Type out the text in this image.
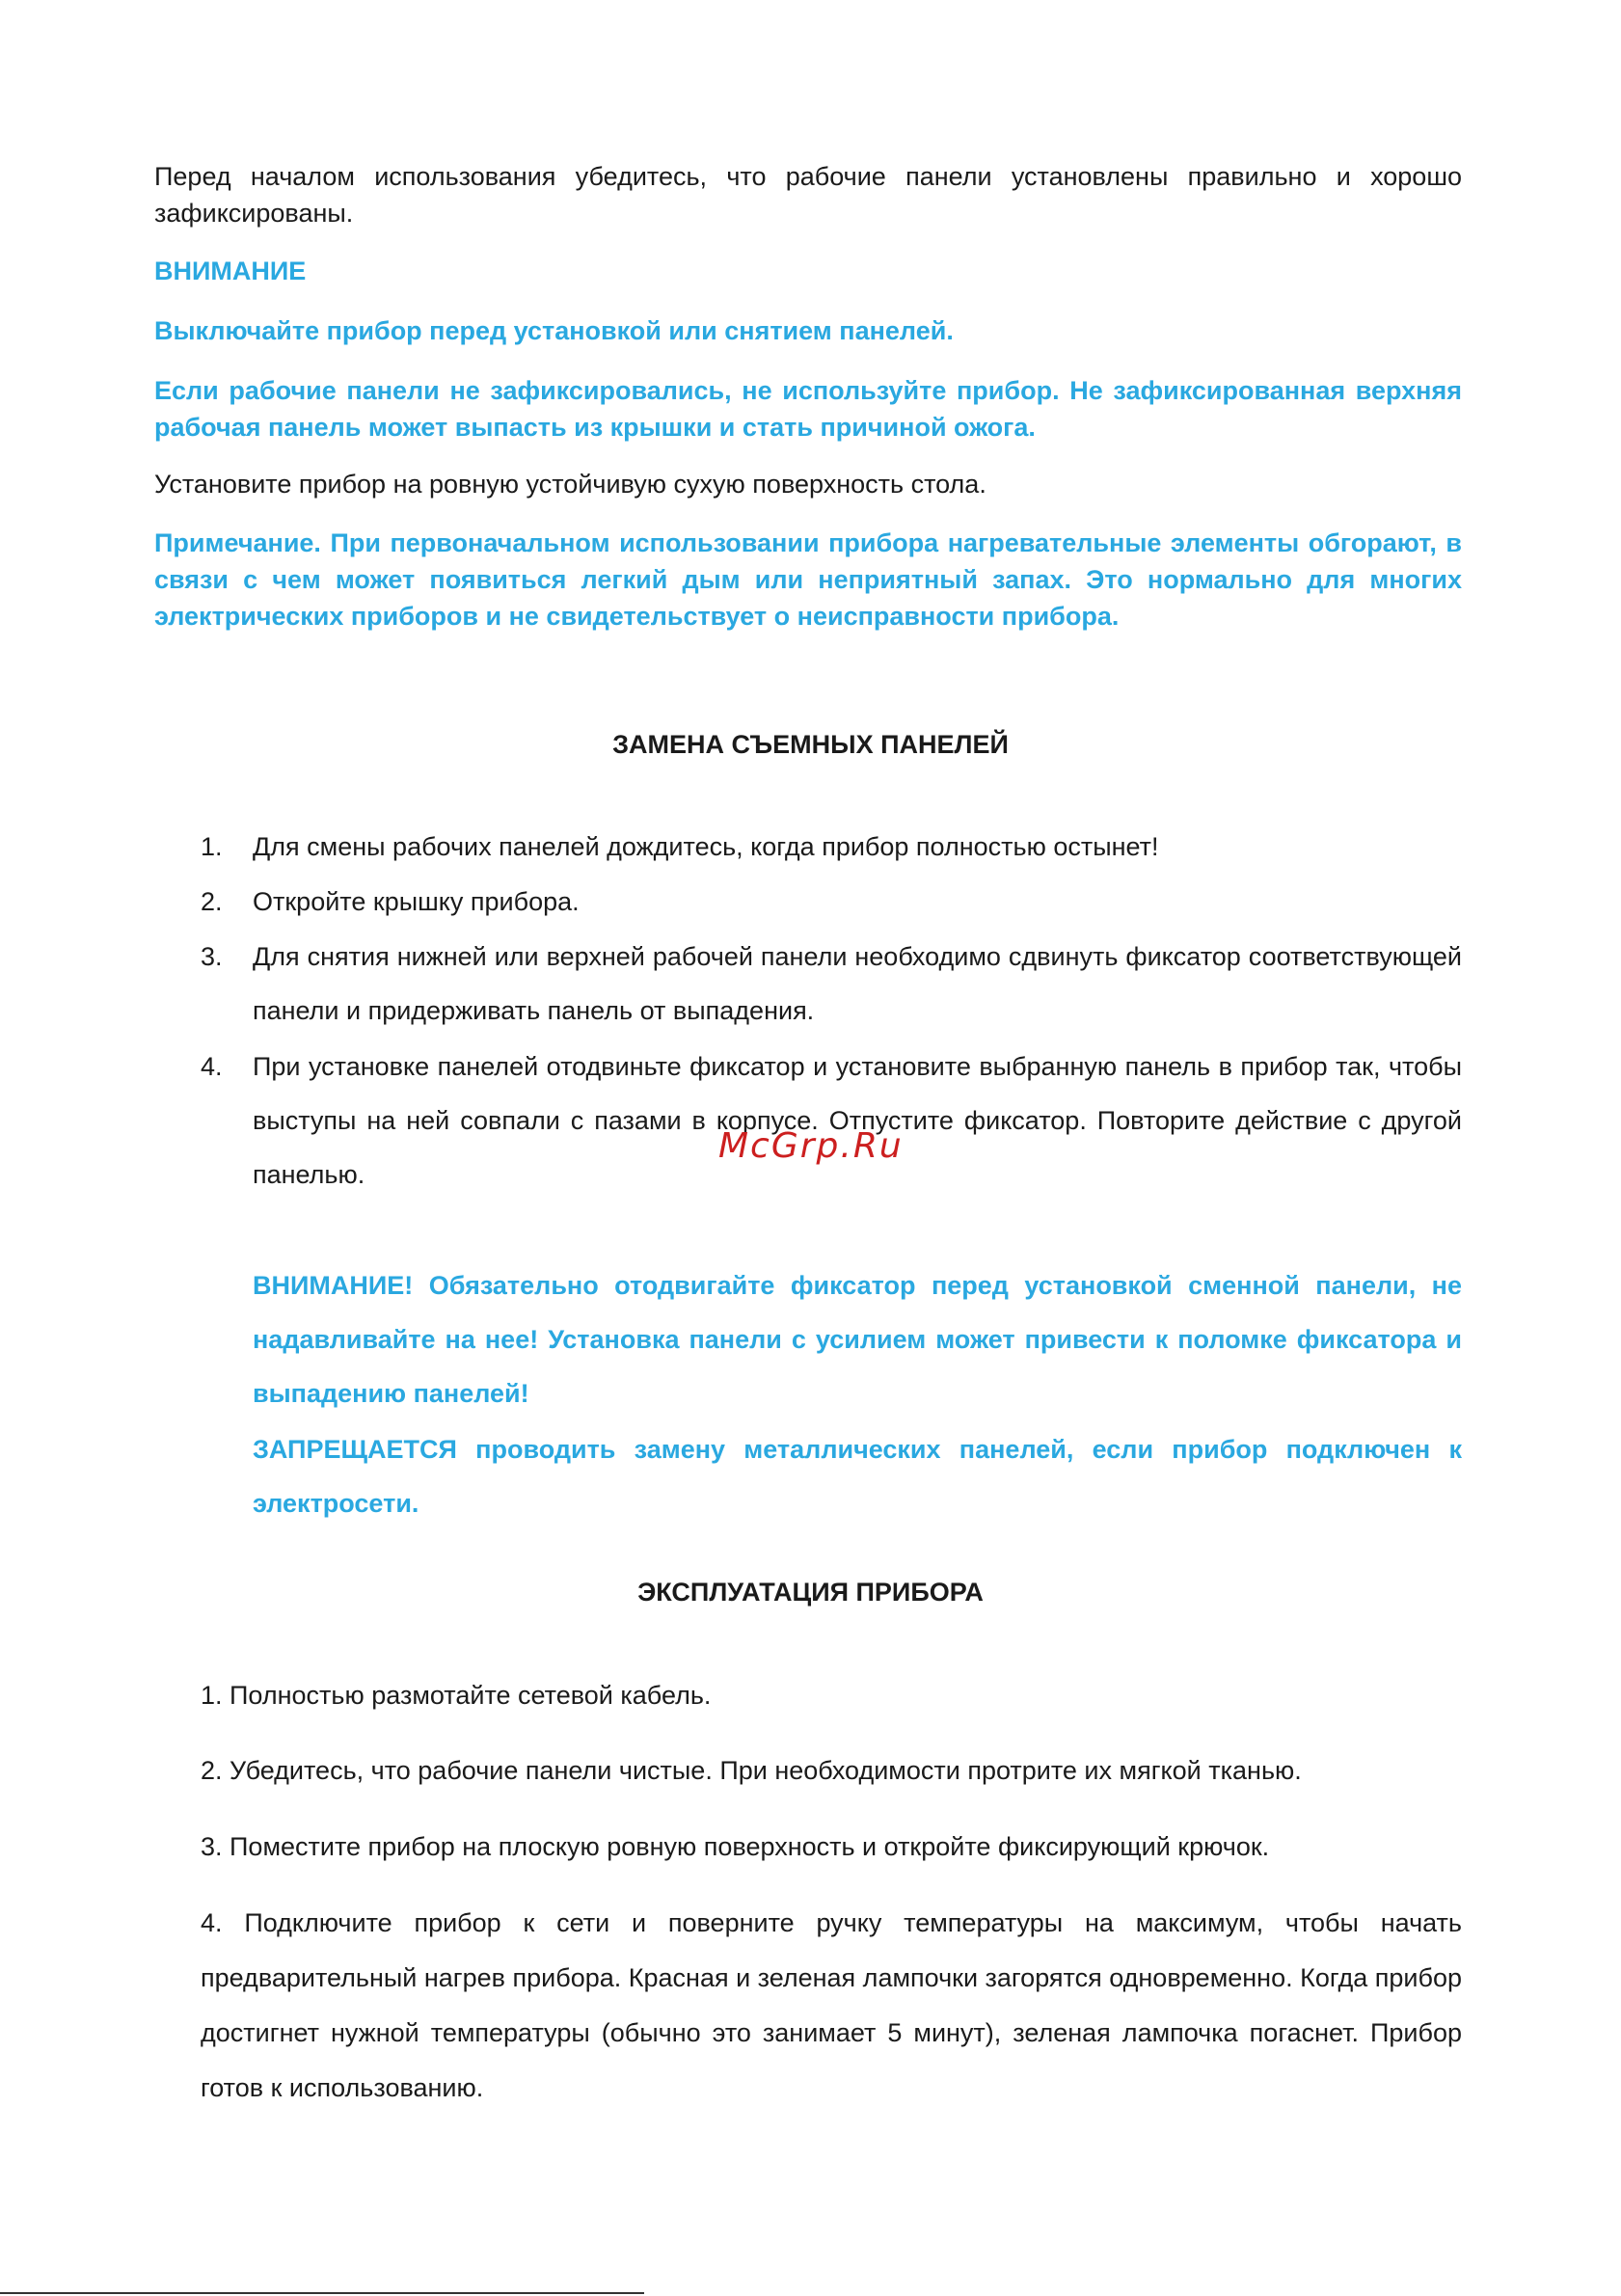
Перед началом использования убедитесь, что рабочие панели установлены правильно и хорошо зафиксированы.

ВНИМАНИЕ

Выключайте прибор перед установкой или снятием панелей.

Если рабочие панели не зафиксировались, не используйте прибор. Не зафиксированная верхняя рабочая панель может выпасть из крышки и стать причиной ожога.

Установите прибор на ровную устойчивую сухую поверхность стола.

Примечание. При первоначальном использовании прибора нагревательные элементы обгорают, в связи с чем может появиться легкий дым или неприятный запах. Это нормально для многих электрических приборов и не свидетельствует о неисправности прибора.

ЗАМЕНА СЪЕМНЫХ ПАНЕЛЕЙ
1.	Для смены рабочих панелей дождитесь, когда прибор полностью остынет!
2.	Откройте крышку прибора.
3.	Для снятия нижней или верхней рабочей панели необходимо сдвинуть фиксатор соответствующей панели и придерживать панель от выпадения.
4.	При установке панелей отодвиньте фиксатор и установите выбранную панель в прибор так, чтобы выступы на ней совпали с пазами в корпусе. Отпустите фиксатор. Повторите действие с другой панелью.

ВНИМАНИЕ! Обязательно отодвигайте фиксатор перед установкой сменной панели, не надавливайте на нее! Установка панели с усилием может привести к поломке фиксатора и выпадению панелей!

ЗАПРЕЩАЕТСЯ проводить замену металлических панелей, если прибор подключен к электросети.

ЭКСПЛУАТАЦИЯ ПРИБОРА

1. Полностью размотайте сетевой кабель.

2. Убедитесь, что рабочие панели чистые. При необходимости протрите их мягкой тканью.

3. Поместите прибор на плоскую ровную поверхность и откройте фиксирующий крючок.

4. Подключите прибор к сети и поверните ручку температуры на максимум, чтобы начать предварительный нагрев прибора. Красная и зеленая лампочки загорятся одновременно. Когда прибор достигнет нужной температуры (обычно это занимает 5 минут), зеленая лампочка погаснет. Прибор готов к использованию.

McGrp.Ru
